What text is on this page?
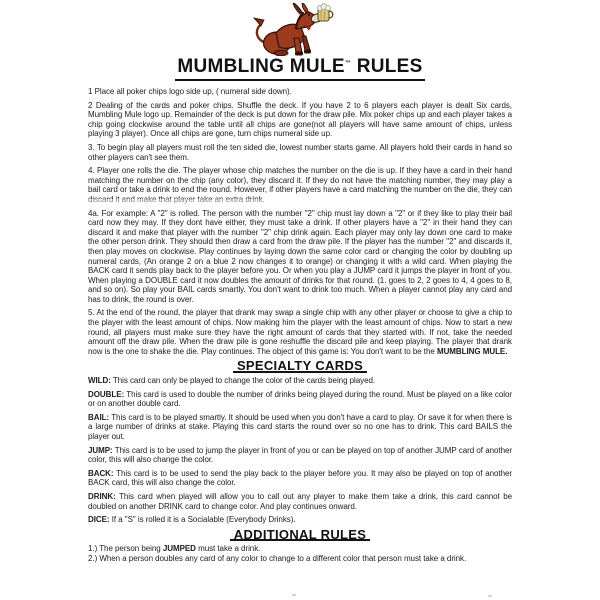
MUMBLING MULE™ RULES

1 Place all poker chips logo side up, ( numeral side down).

2 Dealing of the cards and poker chips. Shuffle the deck. If you have 2 to 6 players each player is dealt Six cards, Mumbling Mule logo up. Remainder of the deck is put down for the draw pile. Mix poker chips up and each player takes a chip going clockwise around the table until all chips are gone(not all players will have same amount of chips, unless playing 3 player). Once all chips are gone, turn chips numeral side up.

3. To begin play all players must roll the ten sided die, lowest number starts game. All players hold their cards in hand so other players can't see them.

4. Player one rolls the die. The player whose chip matches the number on the die is up. If they have a card in their hand matching the number on the chip (any color), they discard it. If they do not have the matching number, they may play a bail card or take a drink to end the round. However, if other players have a card matching the number on the die, they can discard it and make that player take an extra drink.

4a. For example: A "2" is rolled. The person with the number "2" chip must lay down a "2" or if they like to play their bail card now they may. If they dont have either, they must take a drink. If other players have a "2" in their hand they can discard it and make that player with the number "2" chip drink again. Each player may only lay down one card to make the other person drink. They should then draw a card from the draw pile. If the player has the number "2" and discards it, then play moves on clockwise. Play continues by laying down the same color card or changing the color by doubling up numeral cards, (An orange 2 on a blue 2 now changes it to orange) or changing it with a wild card. When playing the BACK card it sends play back to the player before you. Or when you play a JUMP card it jumps the player in front of you. When playing a DOUBLE card it now doubles the amount of drinks for that round. (1. goes to 2, 2 goes to 4, 4 goes to 8, and so on). So play your BAIL cards smartly. You don't want to drink too much. When a player cannot play any card and has to drink, the round is over.

5. At the end of the round, the player that drank may swap a single chip with any other player or choose to give a chip to the player with the least amount of chips. Now making him the player with the least amount of chips. Now to start a new round, all players must make sure they have the right amount of cards that they started with. If not, take the needed amount off the draw pile. When the draw pile is gone reshuffle the discard pile and keep playing. The player that drank now is the one to shake the die. Play continues. The object of this game is: You don't want to be the MUMBLING MULE.

SPECIALTY CARDS

WILD: This card can only be played to change the color of the cards being played.

DOUBLE: This card is used to double the number of drinks being played during the round. Must be played on a like color or on another double card.

BAIL: This card is to be played smartly. It should be used when you don't have a card to play. Or save it for when there is a large number of drinks at stake. Playing this card starts the round over so no one has to drink. This card BAILS the player out.

JUMP: This card is to be used to jump the player in front of you or can be played on top of another JUMP card of another color, this will also change the color.

BACK: This card is to be used to send the play back to the player before you. It may also be played on top of another BACK card, this will also change the color.

DRINK: This card when played will allow you to call out any player to make them take a drink, this card cannot be doubled on another DRINK card to change color. And play continues onward.

DICE: If a "S" is rolled it is a Socialable (Everybody Drinks).

ADDITIONAL RULES

1.) The person being JUMPED must take a drink.

2.) When a person doubles any card of any color to change to a different color that person must take a drink.
